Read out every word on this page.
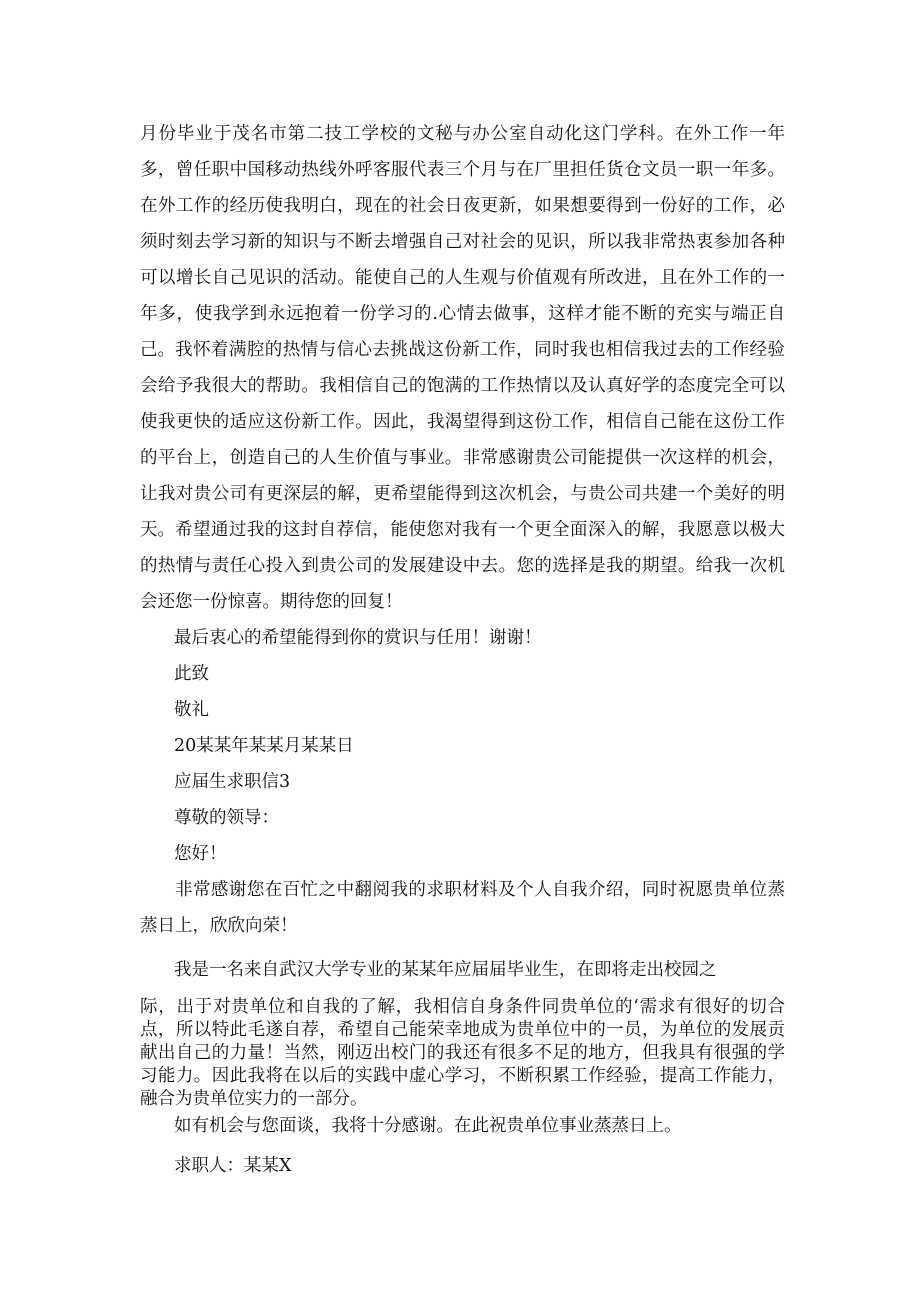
月份毕业于茂名市第二技工学校的文秘与办公室自动化这门学科。在外工作一年多，曾任职中国移动热线外呼客服代表三个月与在厂里担任货仓文员一职一年多。在外工作的经历使我明白，现在的社会日夜更新，如果想要得到一份好的工作，必须时刻去学习新的知识与不断去增强自己对社会的见识，所以我非常热衷参加各种可以增长自己见识的活动。能使自己的人生观与价值观有所改进，且在外工作的一年多，使我学到永远抱着一份学习的.心情去做事，这样才能不断的充实与端正自己。 我怀着满腔的热情与信心去挑战这份新工作，同时我也相信我过去的工作经验会给予我很大的帮助。我相信自己的饱满的工作热情以及认真好学的态度完全可以使我更快的适应这份新工作。因此，我渴望得到这份工作，相信自己能在这份工作的平台上，创造自己的人生价值与事业。非常感谢贵公司能提供一次这样的机会，让我对贵公司有更深层的解，更希望能得到这次机会，与贵公司共建一个美好的明天。 希望通过我的这封自荐信，能使您对我有一个更全面深入的解，我愿意以极大的热情与责任心投入到贵公司的发展建设中去。您的选择是我的期望。给我一次机会还您一份惊喜。期待您的回复！

最后衷心的希望能得到你的赏识与任用！谢谢！

此致

敬礼

20某某年某某月某某日

应届生求职信3

尊敬的领导：

您好！

非常感谢您在百忙之中翻阅我的求职材料及个人自我介绍，同时祝愿贵单位蒸蒸日上，欣欣向荣！

我是一名来自武汉大学专业的某某年应届届毕业生，在即将走出校园之

际，出于对贵单位和自我的了解，我相信自身条件同贵单位的‘需求有很好的切合点，所以特此毛遂自荐，希望自己能荣幸地成为贵单位中的一员，为单位的发展贡献出自己的力量！当然，刚迈出校门的我还有很多不足的地方，但我具有很强的学习能力。因此我将在以后的实践中虚心学习，不断积累工作经验，提高工作能力，融合为贵单位实力的一部分。

如有机会与您面谈，我将十分感谢。在此祝贵单位事业蒸蒸日上。

求职人：某某X
